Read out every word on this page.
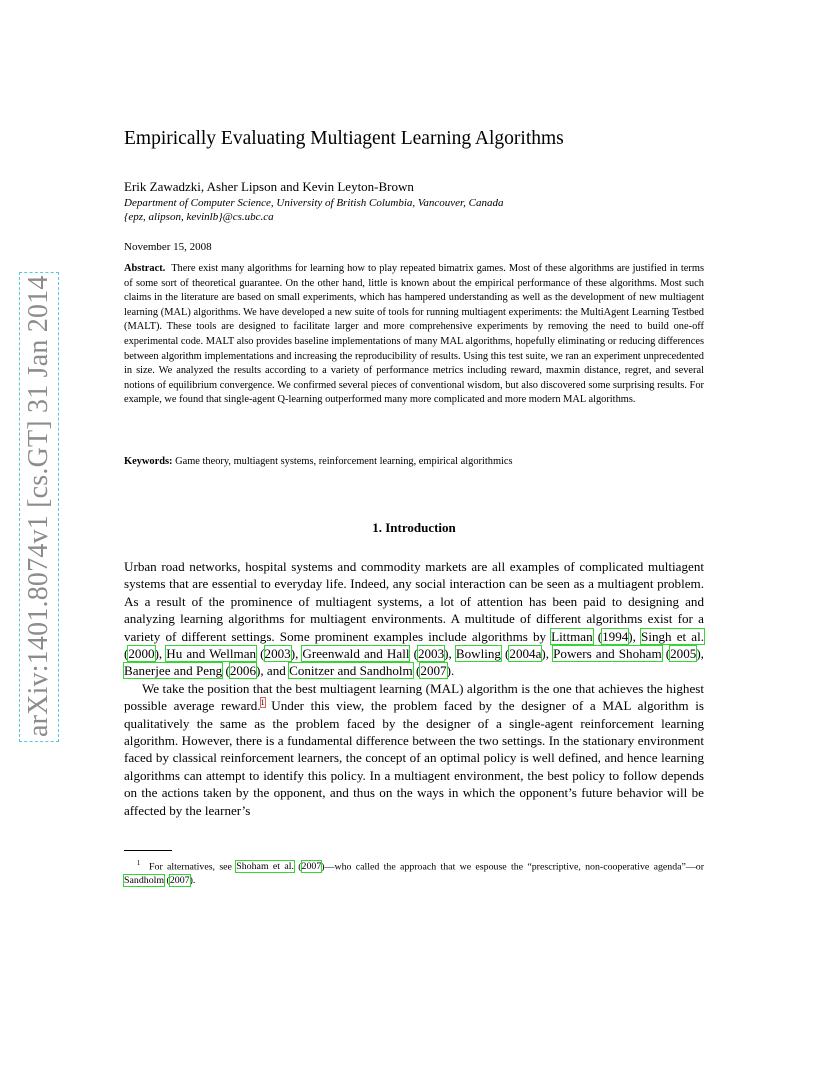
arXiv:1401.8074v1 [cs.GT] 31 Jan 2014
Empirically Evaluating Multiagent Learning Algorithms
Erik Zawadzki, Asher Lipson and Kevin Leyton-Brown
Department of Computer Science, University of British Columbia, Vancouver, Canada
{epz, alipson, kevinlb}@cs.ubc.ca
November 15, 2008
Abstract. There exist many algorithms for learning how to play repeated bimatrix games. Most of these algorithms are justified in terms of some sort of theoretical guarantee. On the other hand, little is known about the empirical performance of these algorithms. Most such claims in the literature are based on small experiments, which has hampered understanding as well as the development of new multiagent learning (MAL) algorithms. We have developed a new suite of tools for running multiagent experiments: the MultiAgent Learning Testbed (MALT). These tools are designed to facilitate larger and more comprehensive experiments by removing the need to build one-off experimental code. MALT also provides baseline implementations of many MAL algorithms, hopefully eliminating or reducing differences between algorithm implementations and increasing the reproducibility of results. Using this test suite, we ran an experiment unprecedented in size. We analyzed the results according to a variety of performance metrics including reward, maxmin distance, regret, and several notions of equilibrium convergence. We confirmed several pieces of conventional wisdom, but also discovered some surprising results. For example, we found that single-agent Q-learning outperformed many more complicated and more modern MAL algorithms.
Keywords: Game theory, multiagent systems, reinforcement learning, empirical algorithmics
1. Introduction

Urban road networks, hospital systems and commodity markets are all examples of complicated multiagent systems that are essential to everyday life. Indeed, any social interaction can be seen as a multiagent problem. As a result of the prominence of multiagent systems, a lot of attention has been paid to designing and analyzing learning algorithms for multiagent environments. A multitude of different algorithms exist for a variety of different settings. Some prominent examples include algorithms by Littman (1994), Singh et al. (2000), Hu and Wellman (2003), Greenwald and Hall (2003), Bowling (2004a), Powers and Shoham (2005), Banerjee and Peng (2006), and Conitzer and Sandholm (2007).

We take the position that the best multiagent learning (MAL) algorithm is the one that achieves the highest possible average reward.$^1$ Under this view, the problem faced by the designer of a MAL algorithm is qualitatively the same as the problem faced by the designer of a single-agent reinforcement learning algorithm. However, there is a fundamental difference between the two settings. In the stationary environment faced by classical reinforcement learners, the concept of an optimal policy is well defined, and hence learning algorithms can attempt to identify this policy. In a multiagent environment, the best policy to follow depends on the actions taken by the opponent, and thus on the ways in which the opponent’s future behavior will be affected by the learner’s

$^1$ For alternatives, see Shoham et al. (2007)—who called the approach that we espouse the “prescriptive, non-cooperative agenda”—or Sandholm (2007).
